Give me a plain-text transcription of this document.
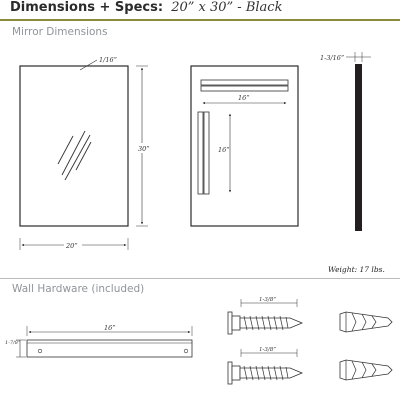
Dimensions + Specs: 20” x 30” - Black
Mirror Dimensions
Wall Hardware (included)
1/16”
30”
20”
16”
16”
1-3/16”
Weight: 17 lbs.
16”
1-7/8”
1-3/8”
1-3/8”
